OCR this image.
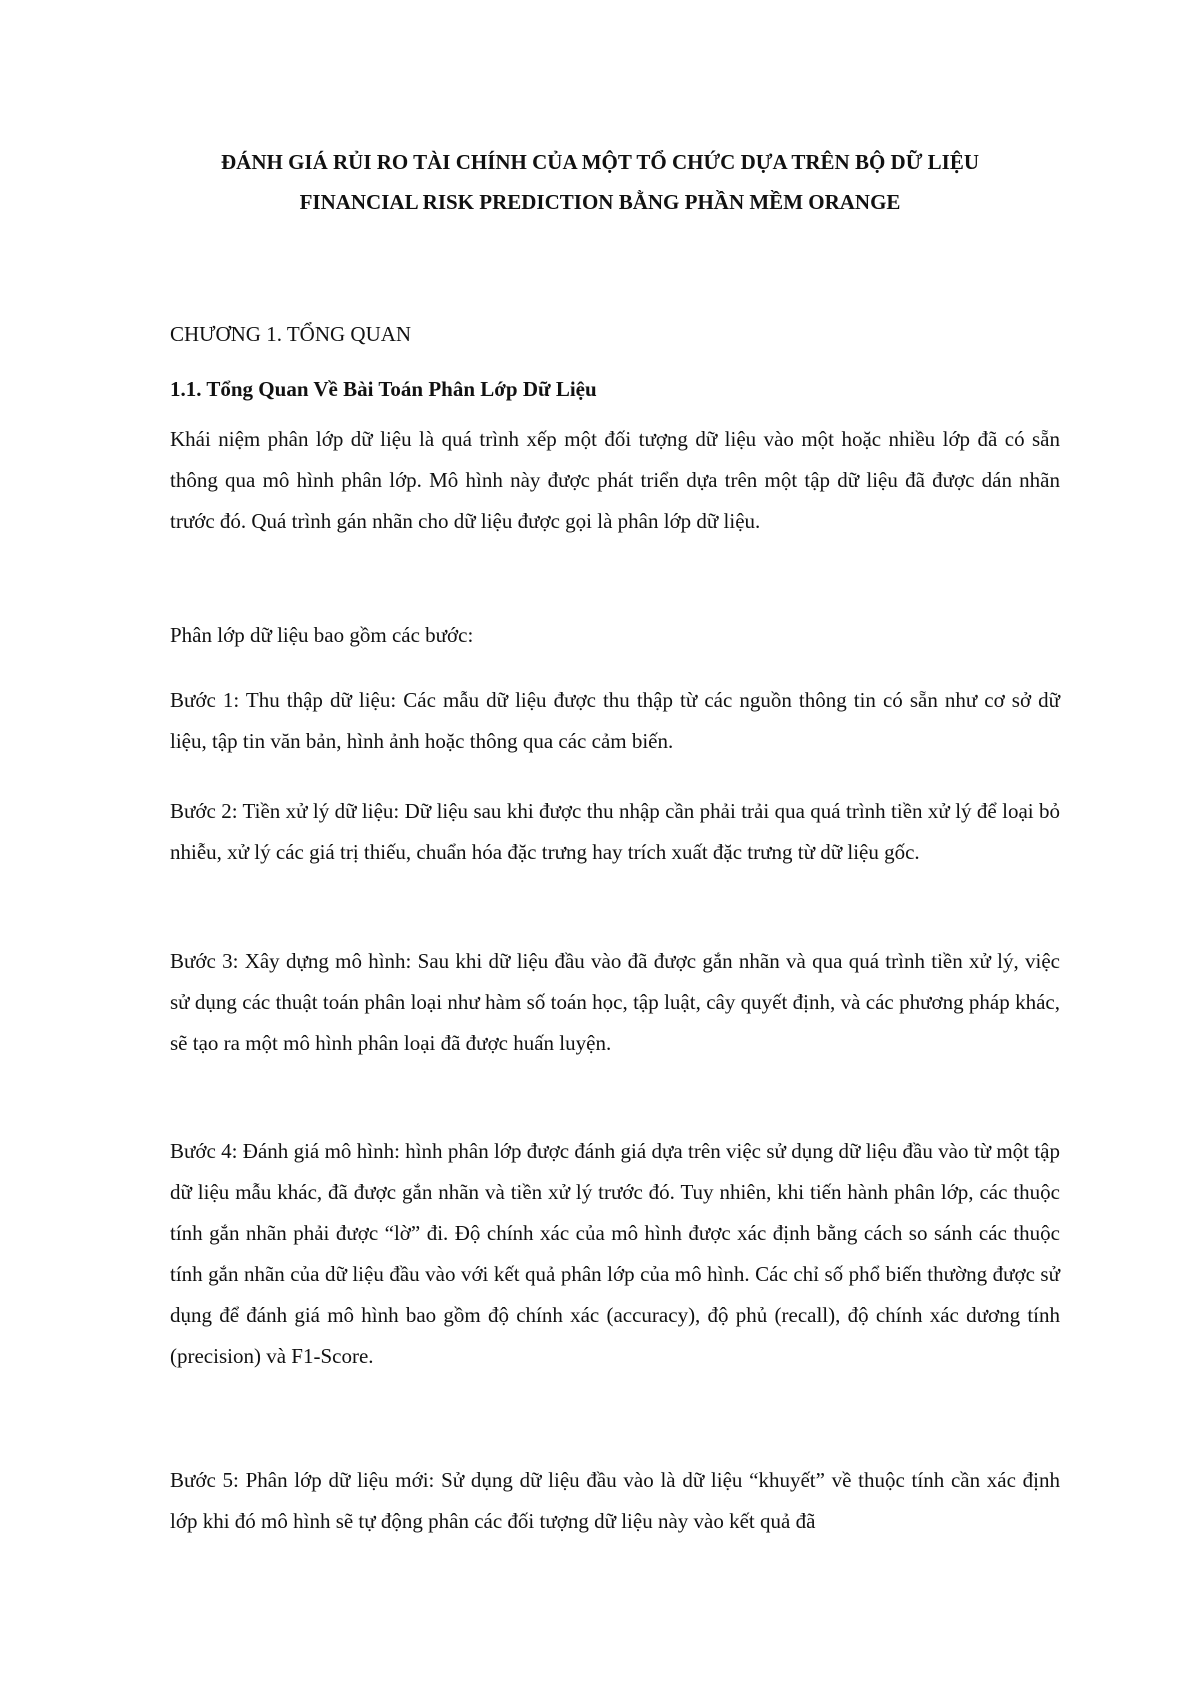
ĐÁNH GIÁ RỦI RO TÀI CHÍNH CỦA MỘT TỔ CHỨC DỰA TRÊN BỘ DỮ LIỆU
FINANCIAL RISK PREDICTION BẰNG PHẦN MỀM ORANGE
CHƯƠNG 1. TỔNG QUAN
1.1. Tổng Quan Về Bài Toán Phân Lớp Dữ Liệu

Khái niệm phân lớp dữ liệu là quá trình xếp một đối tượng dữ liệu vào một hoặc nhiều lớp đã có sẵn thông qua mô hình phân lớp. Mô hình này được phát triển dựa trên một tập dữ liệu đã được dán nhãn trước đó. Quá trình gán nhãn cho dữ liệu được gọi là phân lớp dữ liệu.

Phân lớp dữ liệu bao gồm các bước:

Bước 1: Thu thập dữ liệu: Các mẫu dữ liệu được thu thập từ các nguồn thông tin có sẵn như cơ sở dữ liệu, tập tin văn bản, hình ảnh hoặc thông qua các cảm biến.

Bước 2: Tiền xử lý dữ liệu: Dữ liệu sau khi được thu nhập cần phải trải qua quá trình tiền xử lý để loại bỏ nhiễu, xử lý các giá trị thiếu, chuẩn hóa đặc trưng hay trích xuất đặc trưng từ dữ liệu gốc.

Bước 3: Xây dựng mô hình: Sau khi dữ liệu đầu vào đã được gắn nhãn và qua quá trình tiền xử lý, việc sử dụng các thuật toán phân loại như hàm số toán học, tập luật, cây quyết định, và các phương pháp khác, sẽ tạo ra một mô hình phân loại đã được huấn luyện.

Bước 4: Đánh giá mô hình: hình phân lớp được đánh giá dựa trên việc sử dụng dữ liệu đầu vào từ một tập dữ liệu mẫu khác, đã được gắn nhãn và tiền xử lý trước đó. Tuy nhiên, khi tiến hành phân lớp, các thuộc tính gắn nhãn phải được “lờ” đi. Độ chính xác của mô hình được xác định bằng cách so sánh các thuộc tính gắn nhãn của dữ liệu đầu vào với kết quả phân lớp của mô hình. Các chỉ số phổ biến thường được sử dụng để đánh giá mô hình bao gồm độ chính xác (accuracy), độ phủ (recall), độ chính xác dương tính (precision) và F1-Score.

Bước 5: Phân lớp dữ liệu mới: Sử dụng dữ liệu đầu vào là dữ liệu “khuyết” về thuộc tính cần xác định lớp khi đó mô hình sẽ tự động phân các đối tượng dữ liệu này vào kết quả đã
